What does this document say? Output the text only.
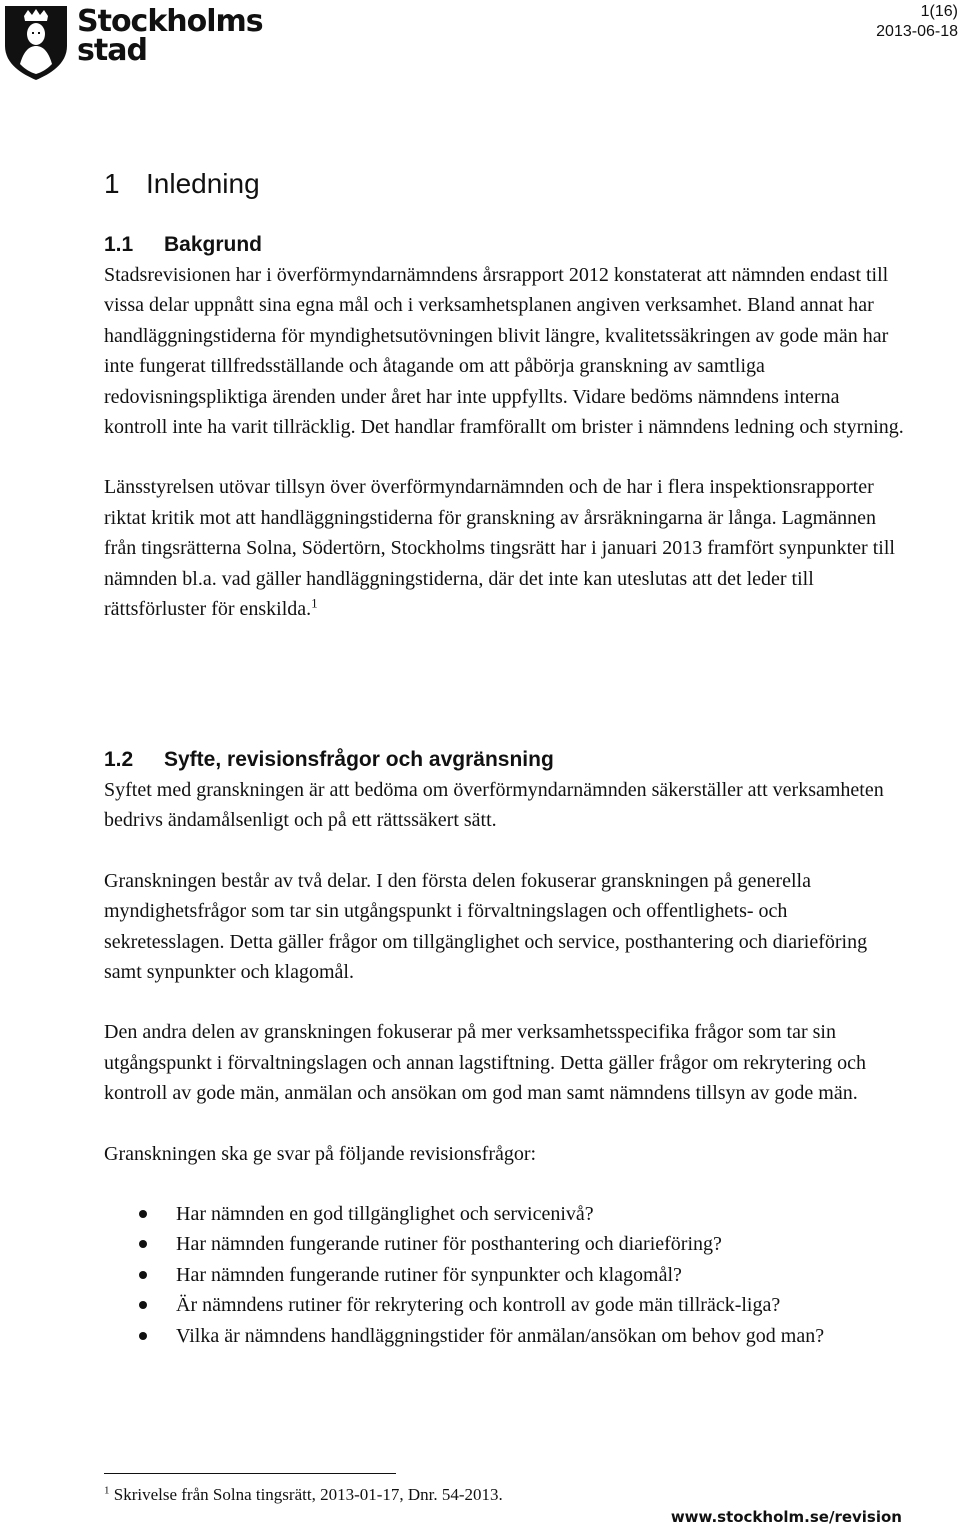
Stockholms
stad
1(16)
2013-06-18
1 Inledning
1.1 Bakgrund

Stadsrevisionen har i överförmyndarnämndens årsrapport 2012 konstaterat att nämnden endast till vissa delar uppnått sina egna mål och i verksamhetsplanen angiven verksamhet. Bland annat har handläggningstiderna för myndighetsutövningen blivit längre, kvalitetssäkringen av gode män har inte fungerat tillfredsställande och åtagande om att påbörja granskning av samtliga redovisningspliktiga ärenden under året har inte uppfyllts. Vidare bedöms nämndens interna kontroll inte ha varit tillräcklig. Det handlar framförallt om brister i nämndens ledning och styrning.

Länsstyrelsen utövar tillsyn över överförmyndarnämnden och de har i flera inspektionsrapporter riktat kritik mot att handläggningstiderna för granskning av årsräkningarna är långa. Lagmännen från tingsrätterna Solna, Södertörn, Stockholms tingsrätt har i januari 2013 framfört synpunkter till nämnden bl.a. vad gäller handläggningstiderna, där det inte kan uteslutas att det leder till rättsförluster för enskilda.$^1$

1.2 Syfte, revisionsfrågor och avgränsning

Syftet med granskningen är att bedöma om överförmyndarnämnden säkerställer att verksamheten bedrivs ändamålsenligt och på ett rättssäkert sätt.

Granskningen består av två delar. I den första delen fokuserar granskningen på generella myndighetsfrågor som tar sin utgångspunkt i förvaltningslagen och offentlighets- och sekretesslagen. Detta gäller frågor om tillgänglighet och service, posthantering och diarieföring samt synpunkter och klagomål.

Den andra delen av granskningen fokuserar på mer verksamhetsspecifika frågor som tar sin utgångspunkt i förvaltningslagen och annan lagstiftning. Detta gäller frågor om rekrytering och kontroll av gode män, anmälan och ansökan om god man samt nämndens tillsyn av gode män.

Granskningen ska ge svar på följande revisionsfrågor:

Har nämnden en god tillgänglighet och servicenivå?
Har nämnden fungerande rutiner för posthantering och diarieföring?
Har nämnden fungerande rutiner för synpunkter och klagomål?
Är nämndens rutiner för rekrytering och kontroll av gode män tillräck-liga?
Vilka är nämndens handläggningstider för anmälan/ansökan om behov god man?
$^1$ Skrivelse från Solna tingsrätt, 2013-01-17, Dnr. 54-2013.
www.stockholm.se/revision
